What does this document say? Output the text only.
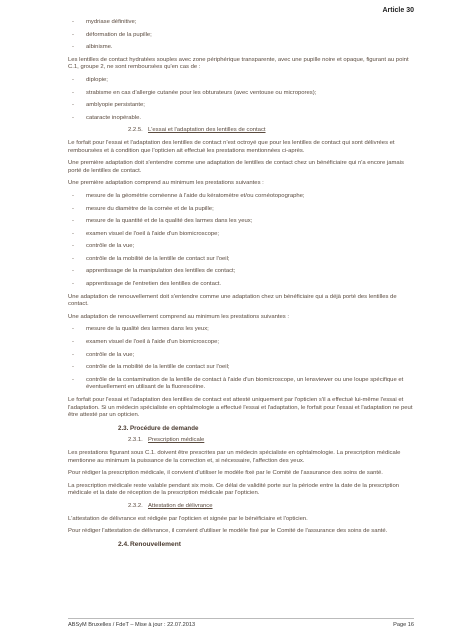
Article 30
- mydriase définitive;
- déformation de la pupille;
- albinisme.

Les lentilles de contact hydratées souples avec zone périphérique transparente, avec une pupille noire et opaque, figurant au point C.1, groupe 2, ne sont remboursées qu'en cas de :

- diplopie;
- strabisme en cas d'allergie cutanée pour les obturateurs (avec ventouse ou micropores);
- amblyopie persistante;
- cataracte inopérable.
2.2.5. L'essai et l'adaptation des lentilles de contact

Le forfait pour l'essai et l'adaptation des lentilles de contact n'est octroyé que pour les lentilles de contact qui sont délivrées et remboursées et à condition que l'opticien ait effectué les prestations mentionnées ci-après.

Une première adaptation doit s'entendre comme une adaptation de lentilles de contact chez un bénéficiaire qui n'a encore jamais porté de lentilles de contact.

Une première adaptation comprend au minimum les prestations suivantes :

- mesure de la géométrie cornéenne à l'aide du kératomètre et/ou cornéotopographe;
- mesure du diamètre de la cornée et de la pupille;
- mesure de la quantité et de la qualité des larmes dans les yeux;
- examen visuel de l'oeil à l'aide d'un biomicroscope;
- contrôle de la vue;
- contrôle de la mobilité de la lentille de contact sur l'oeil;
- apprentissage de la manipulation des lentilles de contact;
- apprentissage de l'entretien des lentilles de contact.

Une adaptation de renouvellement doit s'entendre comme une adaptation chez un bénéficiaire qui a déjà porté des lentilles de contact.

Une adaptation de renouvellement comprend au minimum les prestations suivantes :

- mesure de la qualité des larmes dans les yeux;
- examen visuel de l'oeil à l'aide d'un biomicroscope;
- contrôle de la vue;
- contrôle de la mobilité de la lentille de contact sur l'oeil;
- contrôle de la contamination de la lentille de contact à l'aide d'un biomicroscope, un lensviewer ou une loupe spécifique et éventuellement en utilisant de la fluorescéine.

Le forfait pour l'essai et l'adaptation des lentilles de contact est attesté uniquement par l'opticien s'il a effectué lui-même l'essai et l'adaptation. Si un médecin spécialiste en ophtalmologie a effectué l'essai et l'adaptation, le forfait pour l'essai et l'adaptation ne peut être attesté par un opticien.

2.3. Procédure de demande
2.3.1. Prescription médicale

Les prestations figurant sous C.1. doivent être prescrites par un médecin spécialiste en ophtalmologie. La prescription médicale mentionne au minimum la puissance de la correction et, si nécessaire, l'affection des yeux.

Pour rédiger la prescription médicale, il convient d'utiliser le modèle fixé par le Comité de l'assurance des soins de santé.

La prescription médicale reste valable pendant six mois. Ce délai de validité porte sur la période entre la date de la prescription médicale et la date de réception de la prescription médicale par l'opticien.

2.3.2. Attestation de délivrance

L'attestation de délivrance est rédigée par l'opticien et signée par le bénéficiaire et l'opticien.

Pour rédiger l'attestation de délivrance, il convient d'utiliser le modèle fixé par le Comité de l'assurance des soins de santé.

2.4.Renouvellement
ABSyM Bruxelles / FdeT – Mise à jour : 22.07.2013	Page 16
